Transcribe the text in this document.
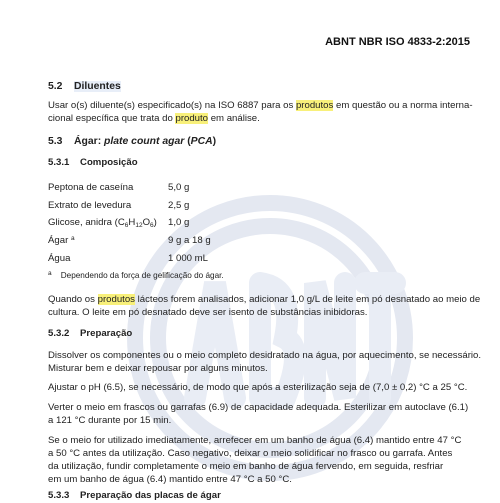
ABNT NBR ISO 4833-2:2015
5.2 Diluentes
Usar o(s) diluente(s) especificado(s) na ISO 6887 para os produtos em questão ou a norma interna-
cional específica que trata do produto em análise.
5.3 Ágar: plate count agar (PCA)
5.3.1 Composição
Peptona de caseína	5,0 g
Extrato de levedura	2,5 g
Glicose, anidra $(C_6H_{12}O_6)$ 1,0 g
Ágar $^a$	9 g a 18 g
Água	1 000 mL
$^a$ Dependendo da força de gelificação do ágar.
Quando os produtos lácteos forem analisados, adicionar 1,0 g/L de leite em pó desnatado ao meio de
cultura. O leite em pó desnatado deve ser isento de substâncias inibidoras.
5.3.2 Preparação
Dissolver os componentes ou o meio completo desidratado na água, por aquecimento, se necessário.
Misturar bem e deixar repousar por alguns minutos.
Ajustar o pH (6.5), se necessário, de modo que após a esterilização seja de (7,0 ± 0,2) °C a 25 °C.
Verter o meio em frascos ou garrafas (6.9) de capacidade adequada. Esterilizar em autoclave (6.1)
a 121 °C durante por 15 min.
Se o meio for utilizado imediatamente, arrefecer em um banho de água (6.4) mantido entre 47 °C
a 50 °C antes da utilização. Caso negativo, deixar o meio solidificar no frasco ou garrafa. Antes
da utilização, fundir completamente o meio em banho de água fervendo, em seguida, resfriar
em um banho de água (6.4) mantido entre 47 °C a 50 °C.
5.3.3 Preparação das placas de ágar
